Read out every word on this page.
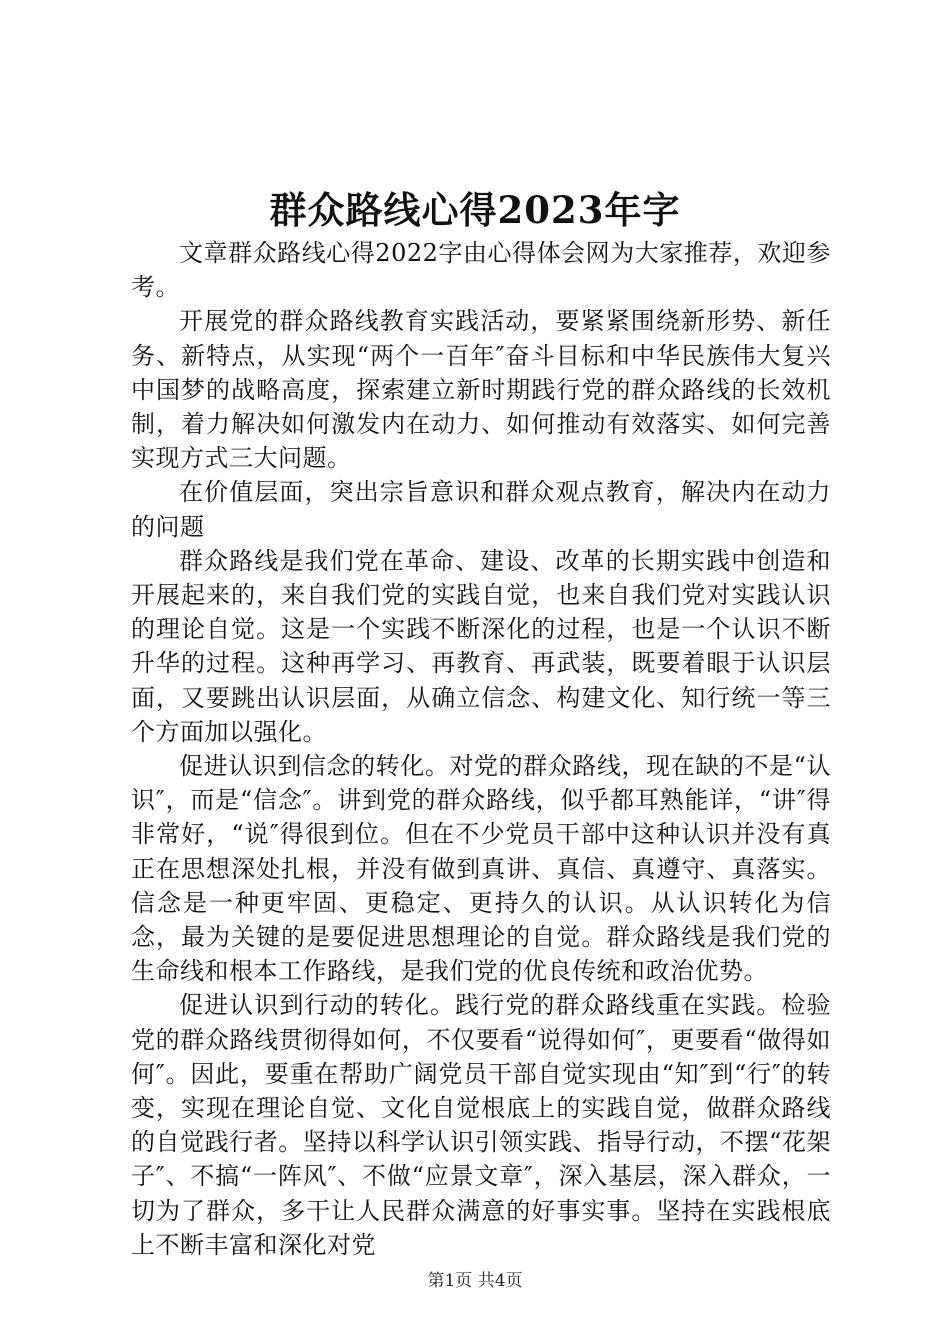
群众路线心得2023年字

文章群众路线心得2022字由心得体会网为大家推荐，欢迎参考。

开展党的群众路线教育实践活动，要紧紧围绕新形势、新任务、新特点，从实现“两个一百年″奋斗目标和中华民族伟大复兴中国梦的战略高度，探索建立新时期践行党的群众路线的长效机制，着力解决如何激发内在动力、如何推动有效落实、如何完善实现方式三大问题。

在价值层面，突出宗旨意识和群众观点教育，解决内在动力的问题

群众路线是我们党在革命、建设、改革的长期实践中创造和开展起来的，来自我们党的实践自觉，也来自我们党对实践认识的理论自觉。这是一个实践不断深化的过程，也是一个认识不断升华的过程。这种再学习、再教育、再武装，既要着眼于认识层面，又要跳出认识层面，从确立信念、构建文化、知行统一等三个方面加以强化。

促进认识到信念的转化。对党的群众路线，现在缺的不是“认识″，而是“信念″。讲到党的群众路线，似乎都耳熟能详，“讲″得非常好，“说″得很到位。但在不少党员干部中这种认识并没有真正在思想深处扎根，并没有做到真讲、真信、真遵守、真落实。信念是一种更牢固、更稳定、更持久的认识。从认识转化为信念，最为关键的是要促进思想理论的自觉。群众路线是我们党的生命线和根本工作路线，是我们党的优良传统和政治优势。

促进认识到行动的转化。践行党的群众路线重在实践。检验党的群众路线贯彻得如何，不仅要看“说得如何″，更要看“做得如何″。因此，要重在帮助广阔党员干部自觉实现由“知″到“行″的转变，实现在理论自觉、文化自觉根底上的实践自觉，做群众路线的自觉践行者。坚持以科学认识引领实践、指导行动，不摆“花架子″、不搞“一阵风″、不做“应景文章″，深入基层，深入群众，一切为了群众，多干让人民群众满意的好事实事。坚持在实践根底上不断丰富和深化对党

第1页 共4页
